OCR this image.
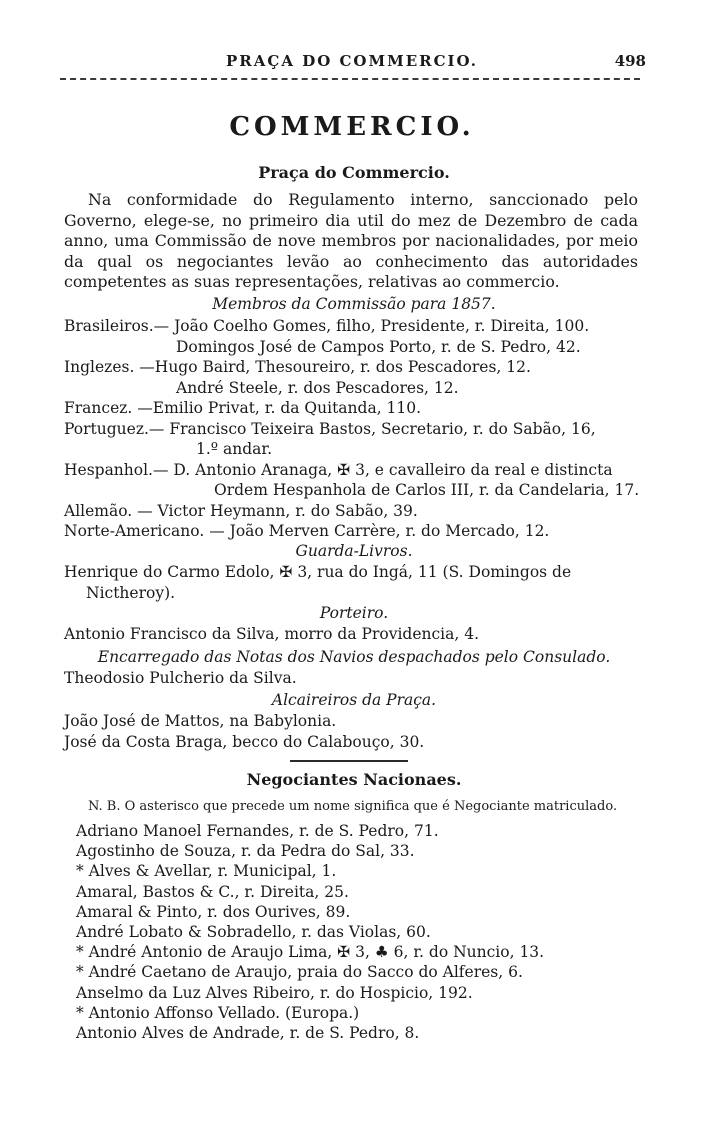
PRAÇA DO COMMERCIO.	498
COMMERCIO.
Praça do Commercio.
Na conformidade do Regulamento interno, sanccionado pelo Governo, elege-se, no primeiro dia util do mez de Dezembro de cada anno, uma Commissão de nove membros por nacionalidades, por meio da qual os negociantes levão ao conhecimento das autoridades competentes as suas representações, relativas ao commercio.
Membros da Commissão para 1857.
Brasileiros.— João Coelho Gomes, filho, Presidente, r. Direita, 100.
Domingos José de Campos Porto, r. de S. Pedro, 42.
Inglezes. —Hugo Baird, Thesoureiro, r. dos Pescadores, 12.
André Steele, r. dos Pescadores, 12.
Francez. —Emilio Privat, r. da Quitanda, 110.
Portuguez.— Francisco Teixeira Bastos, Secretario, r. do Sabão, 16,
1.º andar.
Hespanhol.— D. Antonio Aranaga, ✠ 3, e cavalleiro da real e distincta
Ordem Hespanhola de Carlos III, r. da Candelaria, 17.
Allemão. — Victor Heymann, r. do Sabão, 39.
Norte-Americano. — João Merven Carrère, r. do Mercado, 12.
Guarda-Livros.
Henrique do Carmo Edolo, ✠ 3, rua do Ingá, 11 (S. Domingos de
Nictheroy).
Porteiro.
Antonio Francisco da Silva, morro da Providencia, 4.
Encarregado das Notas dos Navios despachados pelo Consulado.
Theodosio Pulcherio da Silva.
Alcaireiros da Praça.
João José de Mattos, na Babylonia.
José da Costa Braga, becco do Calabouço, 30.
Negociantes Nacionaes.
N. B. O asterisco que precede um nome significa que é Negociante matriculado.
Adriano Manoel Fernandes, r. de S. Pedro, 71.
Agostinho de Souza, r. da Pedra do Sal, 33.
* Alves & Avellar, r. Municipal, 1.
Amaral, Bastos & C., r. Direita, 25.
Amaral & Pinto, r. dos Ourives, 89.
André Lobato & Sobradello, r. das Violas, 60.
* André Antonio de Araujo Lima, ✠ 3, ♣ 6, r. do Nuncio, 13.
* André Caetano de Araujo, praia do Sacco do Alferes, 6.
Anselmo da Luz Alves Ribeiro, r. do Hospicio, 192.
* Antonio Affonso Vellado. (Europa.)
Antonio Alves de Andrade, r. de S. Pedro, 8.
